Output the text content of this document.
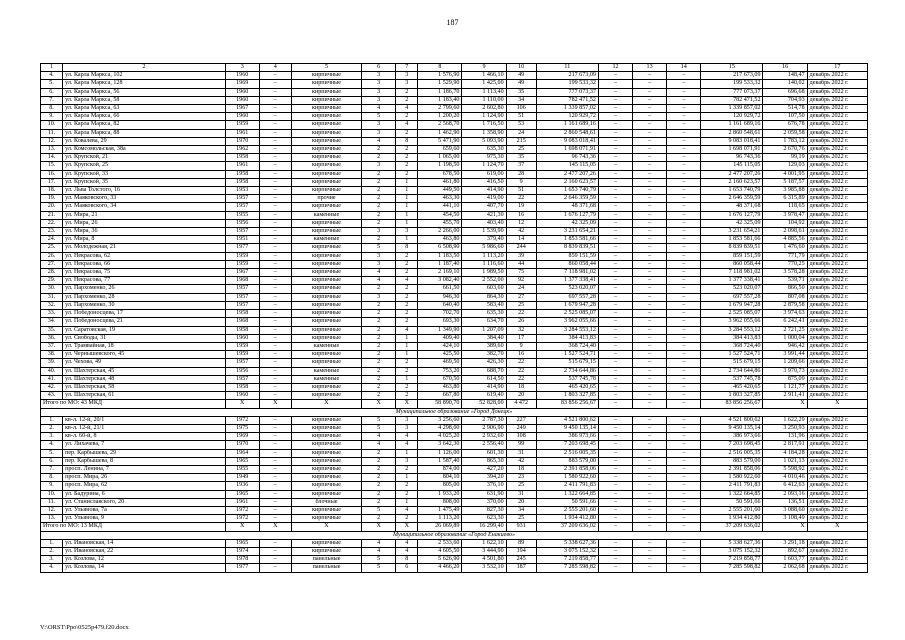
187
1	2	3	4	5	6	7	8	9	10	11	12	13	14	15	16	17
4.	ул. Карла Маркса, 102	1960	–	кирпичные	3	3	1 576,90	1 466,10	49	217 673,09	–	–	–	217 673,09	148,47	декабрь 2022 г.
5.	ул. Карла Маркса, 128	1969	–	кирпичные	3	3	1 529,90	1 425,00	49	199 533,32	–	–	–	199 533,32	140,02	декабрь 2022 г.
6.	ул. Карла Маркса, 56	1960	–	кирпичные	3	2	1 186,70	1 113,40	35	777 073,37	–	–	–	777 073,37	696,68	декабрь 2022 г.
7.	ул. Карла Маркса, 58	1960	–	кирпичные	3	2	1 183,40	1 110,00	34	782 471,52	–	–	–	782 471,52	704,93	декабрь 2022 г.
8.	ул. Карла Маркса, 63	1967	–	кирпичные	4	4	2 799,60	2 602,80	106	1 339 857,02	–	–	–	1 339 857,02	514,78	декабрь 2022 г.
9.	ул. Карла Маркса, 66	1960	–	кирпичные	5	2	1 200,20	1 124,90	51	120 929,72	–	–	–	120 929,72	107,50	декабрь 2022 г.
10.	ул. Карла Маркса, 82	1959	–	кирпичные	3	4	2 568,70	1 716,50	53	1 161 689,16	–	–	–	1 161 689,16	676,78	декабрь 2022 г.
11.	ул. Карла Маркса, 88	1961	–	кирпичные	3	2	1 462,90	1 358,90	24	2 860 548,61	–	–	–	2 860 548,61	2 059,58	декабрь 2022 г.
12.	ул. Ковалева, 29	1970	–	кирпичные	4	8	5 471,90	5 093,90	215	9 083 018,41	–	–	–	9 083 018,41	1 783,12	декабрь 2022 г.
13.	ул. Комсомольская, 38а	1962	–	кирпичные	2	2	659,60	635,30	25	1 698 071,91	–	–	–	1 698 071,91	2 670,76	декабрь 2022 г.
14.	ул. Крупской, 21	1958	–	кирпичные	2	2	1 065,00	975,30	35	96 743,36	–	–	–	96 743,36	99,19	декабрь 2022 г.
15.	ул. Крупской, 25	1961	–	кирпичные	3	2	1 198,50	1 124,70	37	145 115,05	–	–	–	145 115,05	129,03	декабрь 2022 г.
16.	ул. Крупской, 33	1958	–	кирпичные	2	2	678,50	619,00	28	2 477 207,26	–	–	–	2 477 207,26	4 001,95	декабрь 2022 г.
17.	ул. Крупской, 35	1958	–	кирпичные	2	1	461,80	416,50	9	2 160 623,57	–	–	–	2 160 623,57	5 187,57	декабрь 2022 г.
18.	ул. Льва Толстого, 16	1953	–	кирпичные	2	1	449,50	414,90	51	1 653 740,79	–	–	–	1 653 740,79	3 985,88	декабрь 2022 г.
19.	ул. Маяковского, 33	1957	–	прочие	2	1	463,30	419,00	22	2 646 359,59	–	–	–	2 646 359,59	6 315,89	декабрь 2022 г.
20.	ул. Маяковского, 34	1957	–	кирпичные	2	1	441,10	407,70	19	48 371,68	–	–	–	48 371,68	118,65	декабрь 2022 г.
21.	ул. Мира, 21	1955	–	каменные	2	1	454,50	421,30	16	1 676 127,79	–	–	–	1 676 127,79	3 978,47	декабрь 2022 г.
22.	ул. Мира, 26	1956	–	кирпичные	2	1	455,70	403,40	12	42 325,09	–	–	–	42 325,09	104,92	декабрь 2022 г.
23.	ул. Мира, 36	1957	–	кирпичные	3	3	2 266,00	1 539,90	42	3 231 654,21	–	–	–	3 231 654,21	2 098,61	декабрь 2022 г.
24.	ул. Мира, 8	1951	–	каменные	2	1	463,80	379,40	14	1 853 581,66	–	–	–	1 853 581,66	4 885,56	декабрь 2022 г.
25.	ул. Молодежная, 21	1977	–	кирпичные	5	8	6 508,90	5 986,60	244	8 839 839,51	–	–	–	8 839 839,51	1 476,60	декабрь 2022 г.
26.	ул. Некрасова, 62	1959	–	кирпичные	3	2	1 183,50	1 113,20	39	859 151,59	–	–	–	859 151,59	771,79	декабрь 2022 г.
27.	ул. Некрасова, 66	1959	–	кирпичные	3	2	1 187,40	1 116,60	44	860 058,44	–	–	–	860 058,44	770,25	декабрь 2022 г.
28.	ул. Некрасова, 75	1967	–	кирпичные	4	2	2 169,10	1 989,50	75	7 118 981,02	–	–	–	7 118 981,02	3 578,28	декабрь 2022 г.
29.	ул. Некрасова, 77	1968	–	кирпичные	4	4	3 082,40	2 552,00	92	1 377 338,41	–	–	–	1 377 338,41	539,71	декабрь 2022 г.
30.	ул. Пархоменко, 26	1957	–	кирпичные	2	2	661,50	603,60	24	523 020,07	–	–	–	523 020,07	866,50	декабрь 2022 г.
31.	ул. Пархоменко, 28	1957	–	кирпичные	3	2	946,30	864,30	27	697 557,28	–	–	–	697 557,28	807,08	декабрь 2022 г.
32.	ул. Пархоменко, 30	1957	–	кирпичные	2	2	640,40	583,40	25	1 679 947,28	–	–	–	1 679 947,28	2 879,58	декабрь 2022 г.
33.	ул. Победоносцева, 17	1958	–	кирпичные	2	2	702,70	635,30	22	2 525 085,07	–	–	–	2 525 085,07	3 974,63	декабрь 2022 г.
34.	ул. Победоносцева, 21	1968	–	кирпичные	2	2	693,30	634,70	26	3 962 055,66	–	–	–	3 962 055,66	6 242,41	декабрь 2022 г.
35.	ул. Саратовская, 19	1958	–	кирпичные	2	4	1 349,90	1 207,09	32	3 284 553,12	–	–	–	3 284 553,12	2 721,25	декабрь 2022 г.
36.	ул. Свободы, 31	1960	–	кирпичные	2	1	409,40	384,40	17	384 413,83	–	–	–	384 413,83	1 000,04	декабрь 2022 г.
37.	ул. Трамвайная, 18	1959	–	каменные	2	1	424,10	389,60	9	368 724,40	–	–	–	368 724,40	946,42	декабрь 2022 г.
38.	ул. Чернышевского, 45	1959	–	кирпичные	2	1	425,50	382,70	16	1 527 524,71	–	–	–	1 527 524,71	3 991,44	декабрь 2022 г.
39.	ул. Чехова, 49	1957	–	кирпичные	2	2	469,50	426,30	22	515 679,15	–	–	–	515 679,15	1 209,66	декабрь 2022 г.
40.	ул. Шахтерская, 45	1956	–	каменные	2	2	753,20	688,70	22	2 734 644,86	–	–	–	2 734 644,86	3 970,73	декабрь 2022 г.
41.	ул. Шахтерская, 48	1957	–	каменные	2	1	670,50	614,50	22	537 745,78	–	–	–	537 745,78	875,09	декабрь 2022 г.
42.	ул. Шахтерская, 58	1958	–	кирпичные	2	2	463,80	414,90	18	465 420,65	–	–	–	465 420,65	1 121,77	декабрь 2022 г.
43.	ул. Шахтерская, 61	1960	–	кирпичные	2	2	667,80	619,40	20	1 803 327,85	–	–	–	1 803 327,85	2 911,41	декабрь 2022 г.
Итого по МО: 43 МКД		X	X	X	X	X	58 890,70	52 828,00	4 472	83 856 256,67	–	–	–	83 856 256,67	X	X
Муниципальное образование «Город Донецк»																
1.	кв-л. 12-й, 20/1	1972	–	кирпичные	5	3	3 256,60	2 787,30	227	4 521 800,62	–	–	–	4 521 800,62	1 622,29	декабрь 2022 г.
2.	кв-л. 12-й, 21/1	1975	–	кирпичные	5	3	4 298,00	2 906,90	249	9 450 135,14	–	–	–	9 450 135,14	3 250,93	декабрь 2022 г.
3.	кв-л. 60-й, 8	1969	–	кирпичные	4	4	4 025,20	2 932,60	108	386 973,66	–	–	–	386 973,66	131,96	декабрь 2022 г.
4.	ул. Лихачева, 7	1970	–	кирпичные	4	4	3 642,30	2 556,40	99	7 203 698,45	–	–	–	7 203 698,45	2 817,91	декабрь 2022 г.
5.	пер. Карбышева, 29	1964	–	кирпичные	2	1	1 126,00	601,30	31	2 516 005,35	–	–	–	2 516 005,35	4 184,28	декабрь 2022 г.
6.	пер. Карбышева, 8	1965	–	кирпичные	2	3	1 587,40	865,30	42	883 579,00	–	–	–	883 579,00	1 021,13	декабрь 2022 г.
7.	просп. Ленина, 7	1955	–	кирпичные	2	2	874,00	427,20	18	2 391 858,06	–	–	–	2 391 858,06	5 598,92	декабрь 2022 г.
8.	просп. Мира, 26	1949	–	кирпичные	2	1	804,10	394,20	23	1 580 922,60	–	–	–	1 580 922,60	4 010,46	декабрь 2022 г.
9.	просп. Мира, 62	1936	–	кирпичные	2	2	805,00	376,10	25	2 411 791,83	–	–	–	2 411 791,83	6 412,63	декабрь 2022 г.
10.	ул. Бадурина, 6	1965	–	кирпичные	2	2	1 933,20	631,90	31	1 322 664,85	–	–	–	1 322 664,85	2 093,16	декабрь 2022 г.
11.	ул. Станиславского, 20	1961	–	блочные	2	1	808,00	370,00	20	50 591,66	–	–	–	50 591,66	136,51	декабрь 2022 г.
12.	ул. Ульянова, 7а	1972	–	кирпичные	5	4	1 475,49	827,30	34	2 555 201,60	–	–	–	2 555 201,60	3 088,60	декабрь 2022 г.
13.	ул. Ульянова, 9	1972	–	кирпичные	2	2	1 113,20	623,30	25	1 934 412,80	–	–	–	1 934 412,80	3 108,49	декабрь 2022 г.
Итого по МО: 13 МКД		X	X	X	X	X	26 069,89	16 299,40	931	37 209 636,02	–	–	–	37 209 636,02	X	X
Муниципальное образование «Город Енакиево»																
1.	ул. Ивановская, 14	1965	–	кирпичные	4	4	2 533,60	1 622,10	89	5 338 627,36	–	–	–	5 338 627,36	3 291,18	декабрь 2022 г.
2.	ул. Ивановская, 22	1974	–	кирпичные	4	4	4 605,50	3 444,90	194	3 075 152,32	–	–	–	3 075 152,32	892,67	декабрь 2022 г.
3.	ул. Козлова, 12	1978	–	панельные	5	8	5 626,90	4 501,80	245	7 219 858,77	–	–	–	7 219 858,77	1 603,77	декабрь 2022 г.
4.	ул. Козлова, 14	1977	–	панельные	5	6	4 466,20	3 532,10	187	7 285 598,82	–	–	–	7 285 598,82	2 062,68	декабрь 2022 г.
V:\ORST\Ppo\0525p479.f20.docx
